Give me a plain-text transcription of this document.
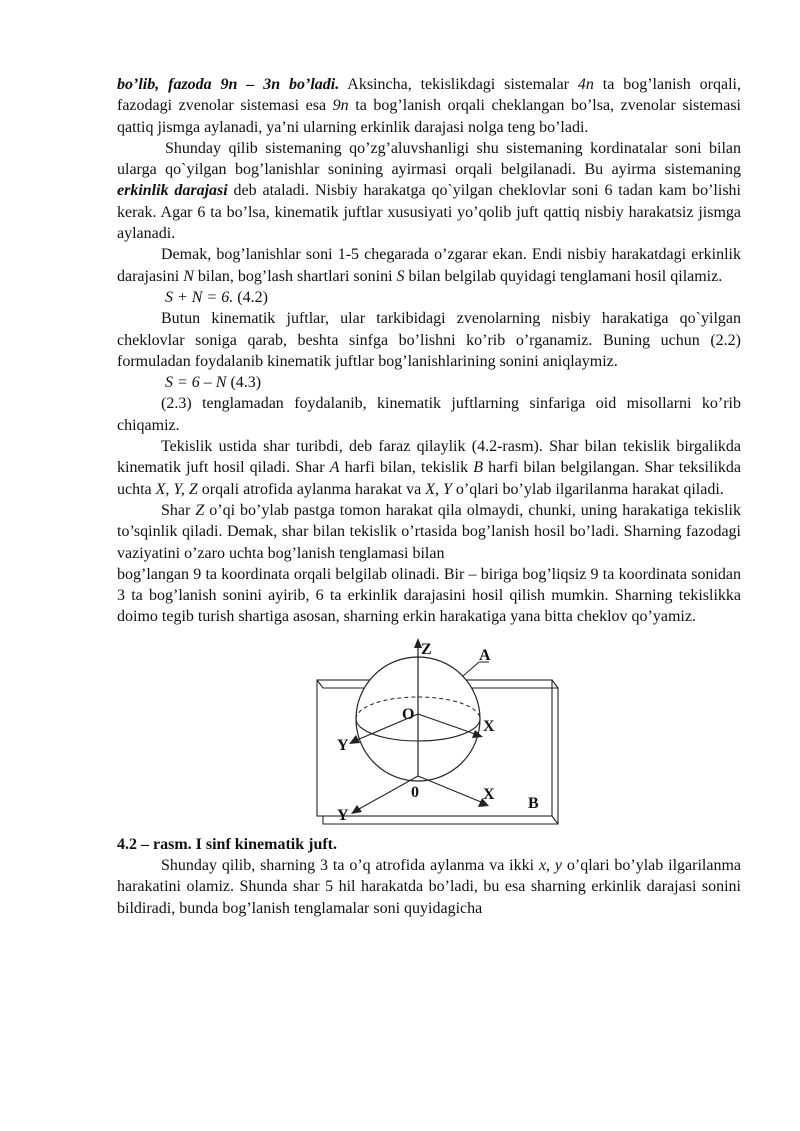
bo’lib, fazoda 9n – 3n bo’ladi. Aksincha, tekislikdagi sistemalar 4n ta bog’lanish orqali, fazodagi zvenolar sistemasi esa 9n ta bog’lanish orqali cheklangan bo’lsa, zvenolar sistemasi qattiq jismga aylanadi, ya’ni ularning erkinlik darajasi nolga teng bo’ladi.

Shunday qilib sistemaning qo’zg’aluvshanligi shu sistemaning kordinatalar soni bilan ularga qo`yilgan bog’lanishlar sonining ayirmasi orqali belgilanadi. Bu ayirma sistemaning erkinlik darajasi deb ataladi. Nisbiy harakatga qo`yilgan cheklovlar soni 6 tadan kam bo’lishi kerak. Agar 6 ta bo’lsa, kinematik juftlar xususiyati yo’qolib juft qattiq nisbiy harakatsiz jismga aylanadi.

Demak, bog’lanishlar soni 1-5 chegarada o’zgarar ekan. Endi nisbiy harakatdagi erkinlik darajasini N bilan, bog’lash shartlari sonini S bilan belgilab quyidagi tenglamani hosil qilamiz.

S + N = 6. (4.2)

Butun kinematik juftlar, ular tarkibidagi zvenolarning nisbiy harakatiga qo`yilgan cheklovlar soniga qarab, beshta sinfga bo’lishni ko’rib o’rganamiz. Buning uchun (2.2) formuladan foydalanib kinematik juftlar bog’lanishlarining sonini aniqlaymiz.

S = 6 – N (4.3)

(2.3) tenglamadan foydalanib, kinematik juftlarning sinfariga oid misollarni ko’rib chiqamiz.

Tekislik ustida shar turibdi, deb faraz qilaylik (4.2-rasm). Shar bilan tekislik birgalikda kinematik juft hosil qiladi. Shar A harfi bilan, tekislik B harfi bilan belgilangan. Shar teksilikda uchta X, Y, Z orqali atrofida aylanma harakat va X, Y o’qlari bo’ylab ilgarilanma harakat qiladi.

Shar Z o’qi bo’ylab pastga tomon harakat qila olmaydi, chunki, uning harakatiga tekislik to’sqinlik qiladi. Demak, shar bilan tekislik o’rtasida bog’lanish hosil bo’ladi. Sharning fazodagi vaziyatini o’zaro uchta bog’lanish tenglamasi bilan

bog’langan 9 ta koordinata orqali belgilab olinadi. Bir – biriga bog’liqsiz 9 ta koordinata sonidan 3 ta bog’lanish sonini ayirib, 6 ta erkinlik darajasini hosil qilish mumkin. Sharning tekislikka doimo tegib turish shartiga asosan, sharning erkin harakatiga yana bitta cheklov qo’yamiz.

Z	A
O
X
Y
0	X
Y
B

4.2 – rasm. I sinf kinematik juft.

Shunday qilib, sharning 3 ta o’q atrofida aylanma va ikki x, y o’qlari bo’ylab ilgarilanma harakatini olamiz. Shunda shar 5 hil harakatda bo’ladi, bu esa sharning erkinlik darajasi sonini bildiradi, bunda bog’lanish tenglamalar soni quyidagicha
